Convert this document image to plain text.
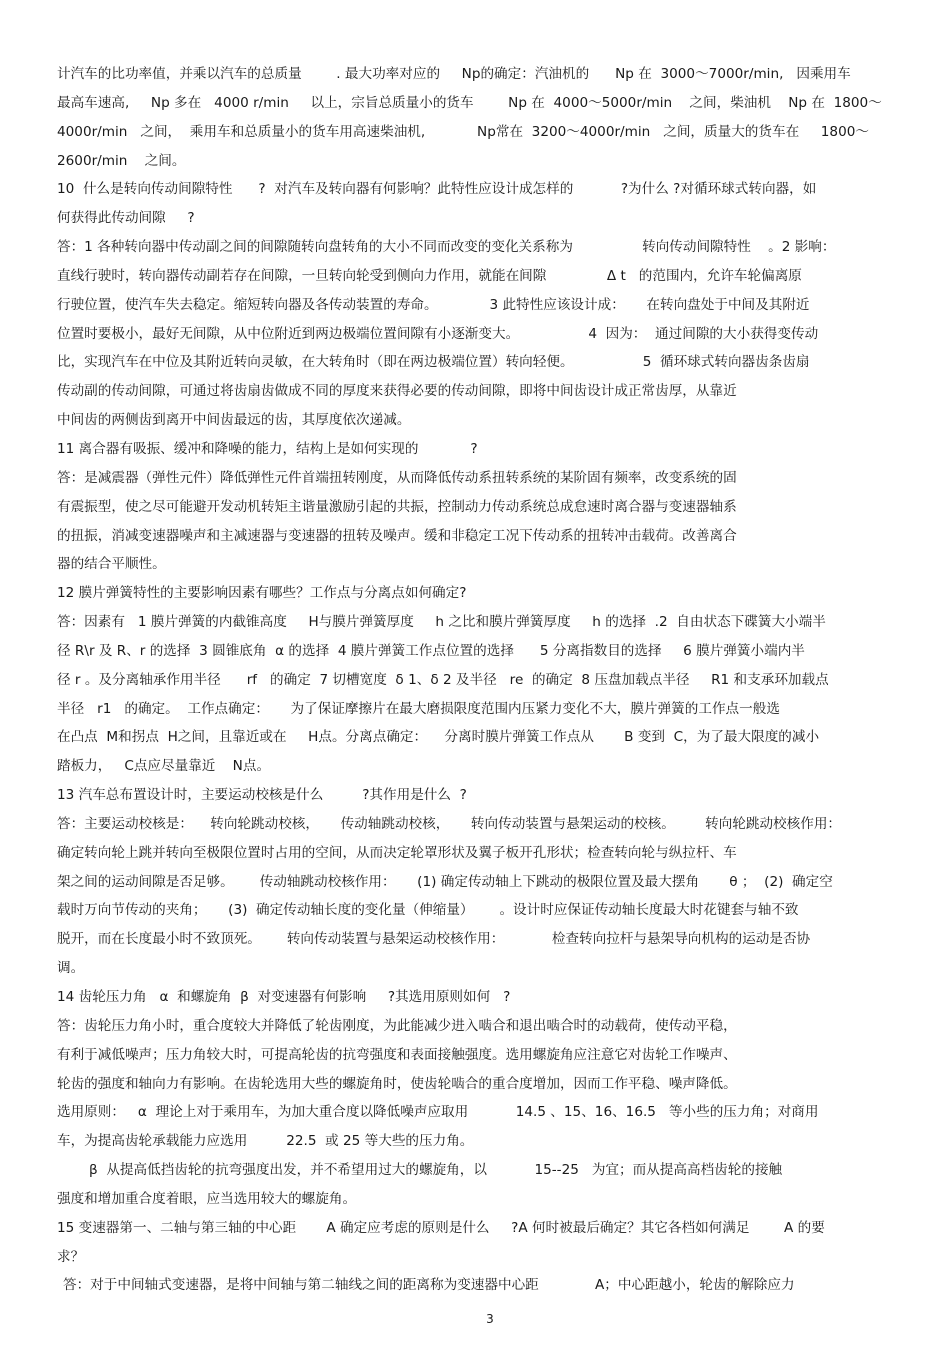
计汽车的比功率值，并乘以汽车的总质量        . 最大功率对应的     Np的确定：汽油机的      Np 在  3000～7000r/min,   因乘用车
最高车速高,     Np 多在   4000 r/min     以上，宗旨总质量小的货车        Np 在  4000～5000r/min    之间，柴油机    Np 在  1800～
4000r/min   之间，  乘用车和总质量小的货车用高速柴油机,            Np常在  3200～4000r/min   之间，质量大的货车在     1800～
2600r/min    之间。
10  什么是转向传动间隙特性      ?  对汽车及转向器有何影响？此特性应设计成怎样的           ?为什么 ?对循环球式转向器，如
何获得此传动间隙     ?
答：1 各种转向器中传动副之间的间隙随转向盘转角的大小不同而改变的变化关系称为                转向传动间隙特性    。2 影响：
直线行驶时，转向器传动副若存在间隙，一旦转向轮受到侧向力作用，就能在间隙              Δ t   的范围内，允许车轮偏离原
行驶位置，使汽车失去稳定。缩短转向器及各传动装置的寿命。            3 此特性应该设计成：     在转向盘处于中间及其附近
位置时要极小，最好无间隙，从中位附近到两边极端位置间隙有小逐渐变大。                4  因为：  通过间隙的大小获得变传动
比，实现汽车在中位及其附近转向灵敏，在大转角时（即在两边极端位置）转向轻便。                5  循环球式转向器齿条齿扇
传动副的传动间隙，可通过将齿扇齿做成不同的厚度来获得必要的传动间隙，即将中间齿设计成正常齿厚，从靠近
中间齿的两侧齿到离开中间齿最远的齿，其厚度依次递减。
11 离合器有吸振、缓冲和降噪的能力，结构上是如何实现的            ?
答：是减震器（弹性元件）降低弹性元件首端扭转刚度，从而降低传动系扭转系统的某阶固有频率，改变系统的固
有震振型，使之尽可能避开发动机转矩主谐量激励引起的共振，控制动力传动系统总成怠速时离合器与变速器轴系
的扭振，消减变速器噪声和主减速器与变速器的扭转及噪声。缓和非稳定工况下传动系的扭转冲击载荷。改善离合
器的结合平顺性。
12 膜片弹簧特性的主要影响因素有哪些？工作点与分离点如何确定?
答：因素有   1 膜片弹簧的内截锥高度     H与膜片弹簧厚度     h 之比和膜片弹簧厚度     h 的选择  .2  自由状态下碟簧大小端半
径 R\r 及 R、r 的选择  3 圆锥底角  α 的选择  4 膜片弹簧工作点位置的选择      5 分离指数目的选择     6 膜片弹簧小端内半
径 r 。及分离轴承作用半径      rf   的确定  7 切槽宽度  δ 1、δ 2 及半径   re  的确定  8 压盘加载点半径     R1 和支承环加载点
半径   r1   的确定。  工作点确定：     为了保证摩擦片在最大磨损限度范围内压紧力变化不大，膜片弹簧的工作点一般选
在凸点  M和拐点  H之间，且靠近或在     H点。分离点确定：    分离时膜片弹簧工作点从       B 变到  C，为了最大限度的减小
踏板力，   C点应尽量靠近    N点。
13 汽车总布置设计时，主要运动校核是什么         ?其作用是什么  ?
答：主要运动校核是：    转向轮跳动校核，     传动轴跳动校核，     转向传动装置与悬架运动的校核。       转向轮跳动校核作用：
确定转向轮上跳并转向至极限位置时占用的空间，从而决定轮罩形状及翼子板开孔形状；检查转向轮与纵拉杆、车
架之间的运动间隙是否足够。      传动轴跳动校核作用：     (1) 确定传动轴上下跳动的极限位置及最大摆角       θ ；  (2)  确定空
载时万向节传动的夹角；     (3)  确定传动轴长度的变化量（伸缩量）      。设计时应保证传动轴长度最大时花键套与轴不致
脱开，而在长度最小时不致顶死。      转向传动装置与悬架运动校核作用：           检查转向拉杆与悬架导向机构的运动是否协
调。
14 齿轮压力角   α  和螺旋角  β  对变速器有何影响     ?其选用原则如何   ?
答：齿轮压力角小时，重合度较大并降低了轮齿刚度，为此能减少进入啮合和退出啮合时的动载荷，使传动平稳，
有利于减低噪声；压力角较大时，可提高轮齿的抗弯强度和表面接触强度。选用螺旋角应注意它对齿轮工作噪声、
轮齿的强度和轴向力有影响。在齿轮选用大些的螺旋角时，使齿轮啮合的重合度增加，因而工作平稳、噪声降低。
选用原则：   α  理论上对于乘用车，为加大重合度以降低噪声应取用           14.5 、15、16、16.5   等小些的压力角；对商用
车，为提高齿轮承载能力应选用         22.5  或 25 等大些的压力角。
β  从提高低挡齿轮的抗弯强度出发，并不希望用过大的螺旋角，以           15--25   为宜；而从提高高档齿轮的接触
强度和增加重合度着眼，应当选用较大的螺旋角。
15 变速器第一、二轴与第三轴的中心距       A 确定应考虑的原则是什么     ?A 何时被最后确定？其它各档如何满足        A 的要
求？
答：对于中间轴式变速器，是将中间轴与第二轴线之间的距离称为变速器中心距             A；中心距越小，轮齿的解除应力
3
